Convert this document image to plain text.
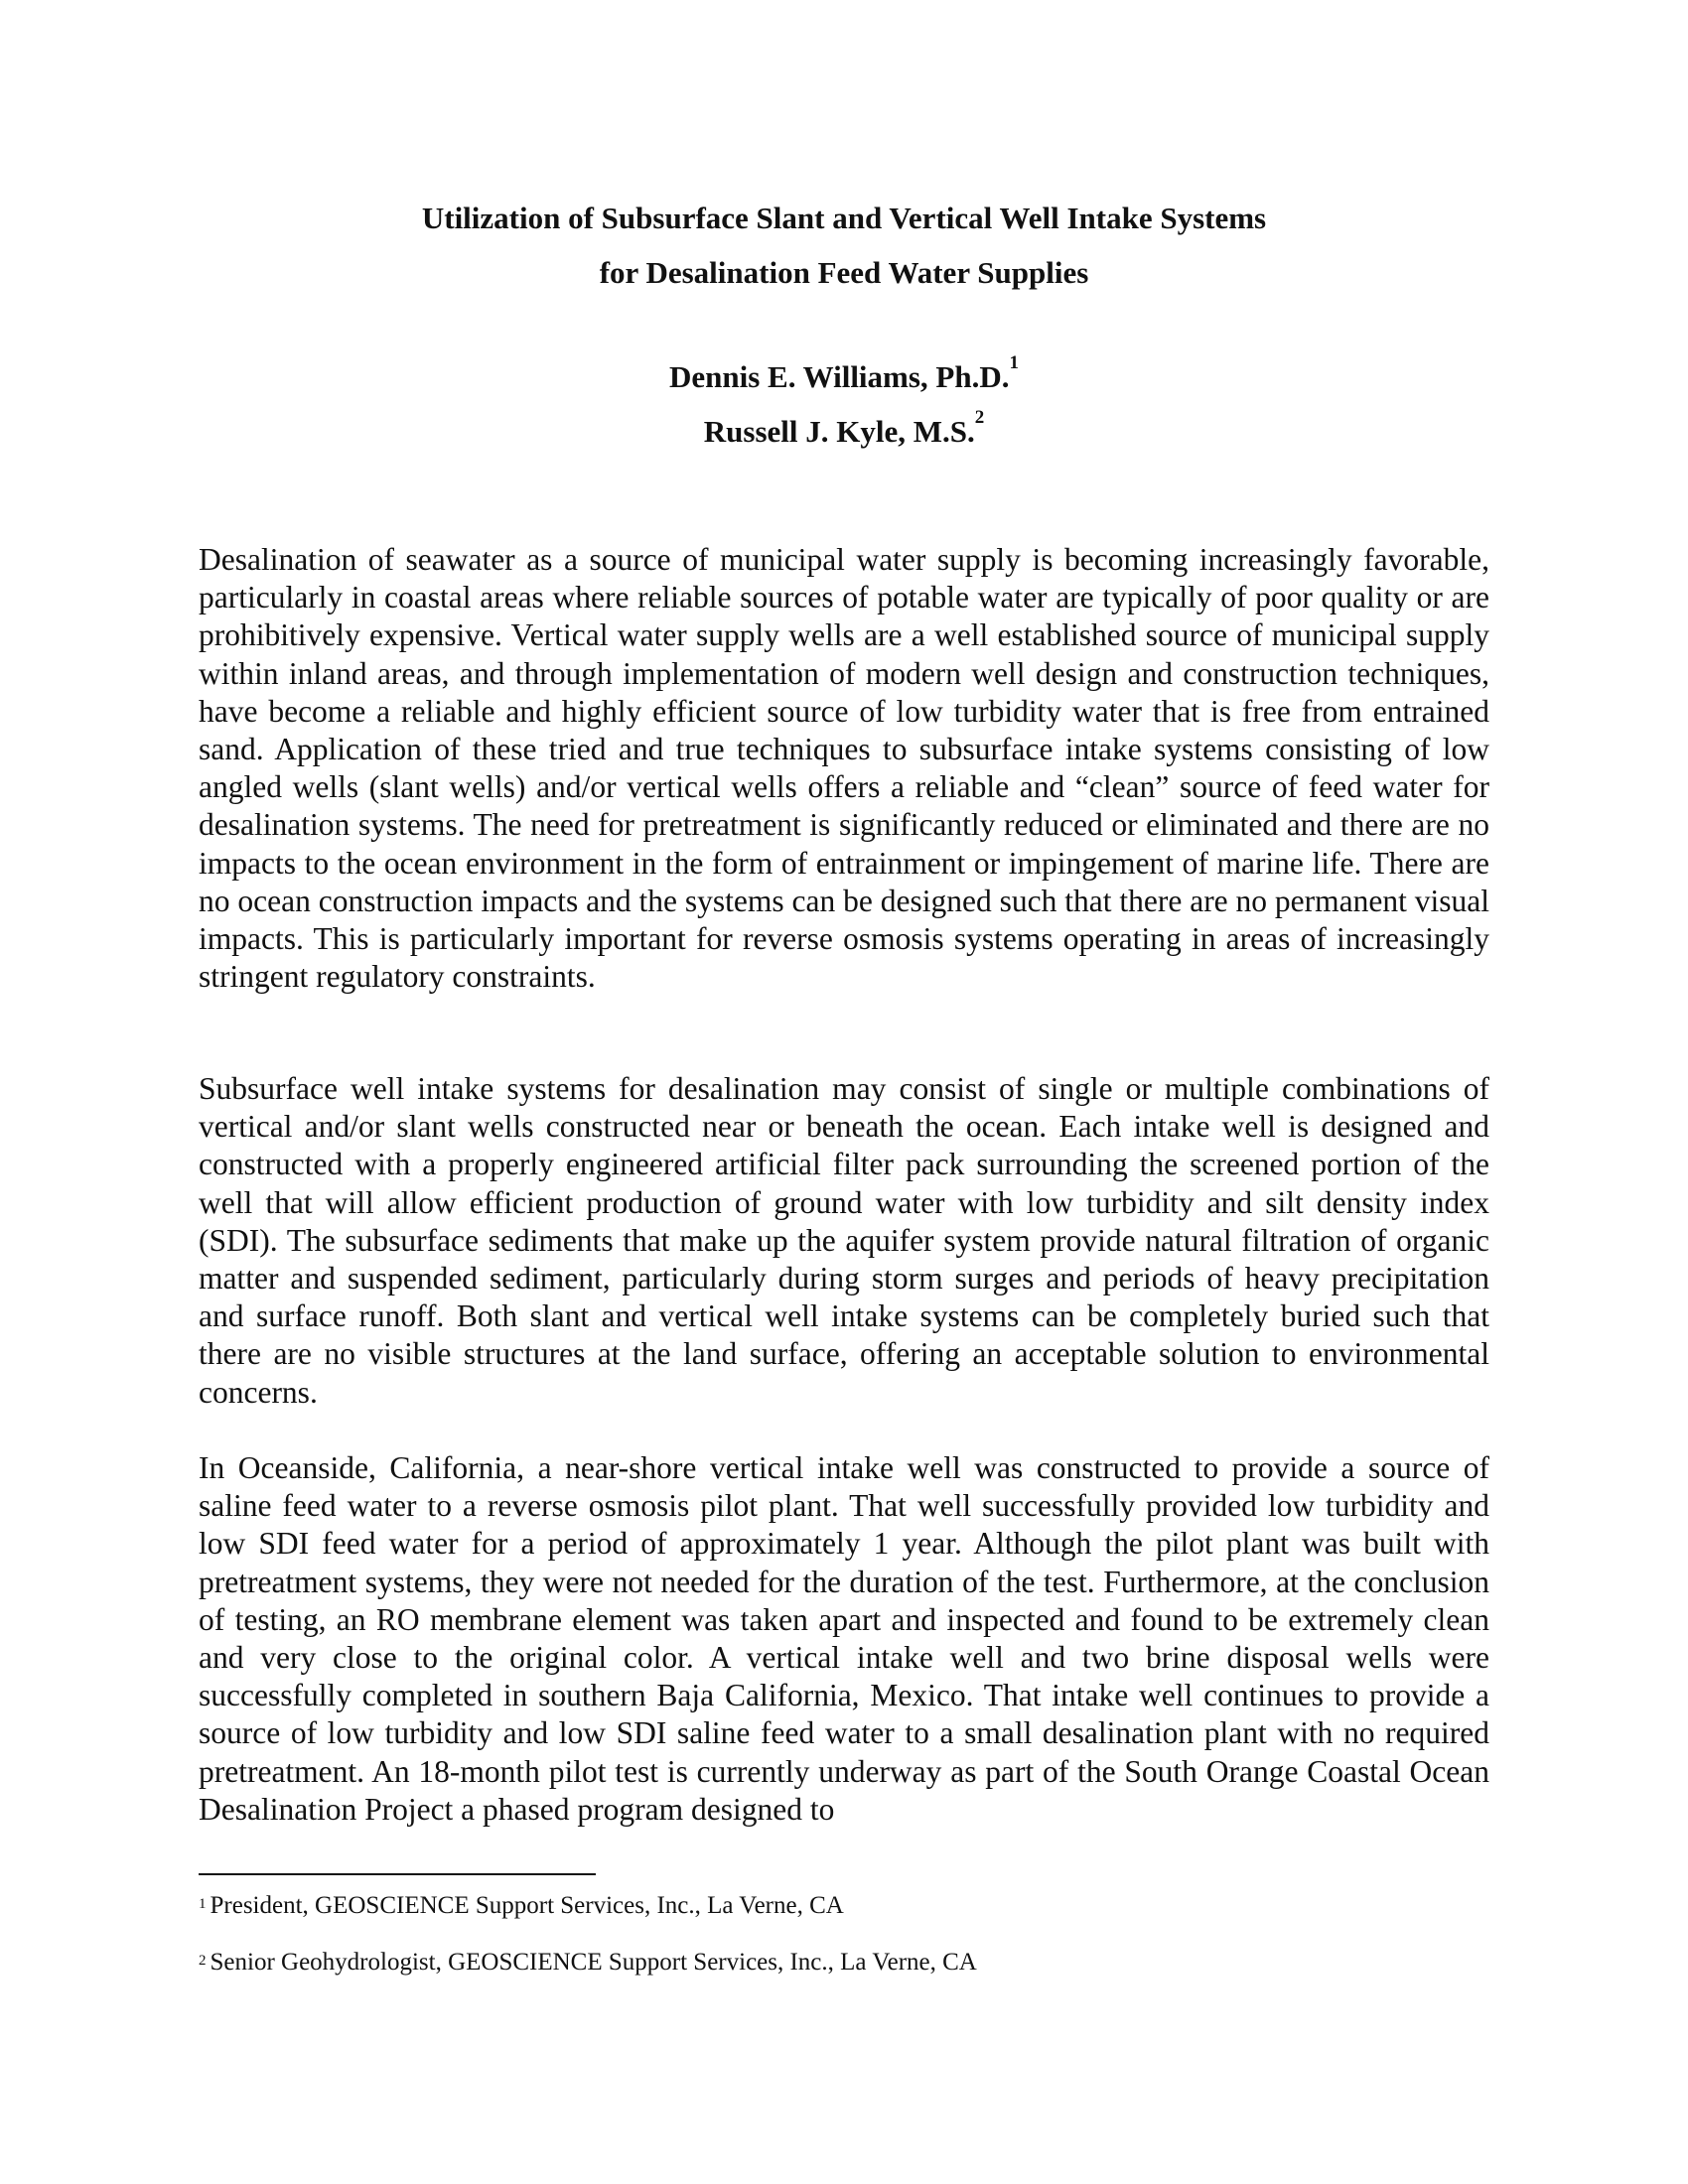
Utilization of Subsurface Slant and Vertical Well Intake Systems
for Desalination Feed Water Supplies
Dennis E. Williams, Ph.D.$^1$
Russell J. Kyle, M.S.$^2$

Desalination of seawater as a source of municipal water supply is becoming increasingly favorable, particularly in coastal areas where reliable sources of potable water are typically of poor quality or are prohibitively expensive. Vertical water supply wells are a well established source of municipal supply within inland areas, and through implementation of modern well design and construction techniques, have become a reliable and highly efficient source of low turbidity water that is free from entrained sand. Application of these tried and true techniques to subsurface intake systems consisting of low angled wells (slant wells) and/or vertical wells offers a reliable and “clean” source of feed water for desalination systems. The need for pretreatment is significantly reduced or eliminated and there are no impacts to the ocean environment in the form of entrainment or impingement of marine life. There are no ocean construction impacts and the systems can be designed such that there are no permanent visual impacts. This is particularly important for reverse osmosis systems operating in areas of increasingly stringent regulatory constraints.

Subsurface well intake systems for desalination may consist of single or multiple combinations of vertical and/or slant wells constructed near or beneath the ocean. Each intake well is designed and constructed with a properly engineered artificial filter pack surrounding the screened portion of the well that will allow efficient production of ground water with low turbidity and silt density index (SDI). The subsurface sediments that make up the aquifer system provide natural filtration of organic matter and suspended sediment, particularly during storm surges and periods of heavy precipitation and surface runoff. Both slant and vertical well intake systems can be completely buried such that there are no visible structures at the land surface, offering an acceptable solution to environmental concerns.

In Oceanside, California, a near-shore vertical intake well was constructed to provide a source of saline feed water to a reverse osmosis pilot plant. That well successfully provided low turbidity and low SDI feed water for a period of approximately 1 year. Although the pilot plant was built with pretreatment systems, they were not needed for the duration of the test. Furthermore, at the conclusion of testing, an RO membrane element was taken apart and inspected and found to be extremely clean and very close to the original color. A vertical intake well and two brine disposal wells were successfully completed in southern Baja California, Mexico. That intake well continues to provide a source of low turbidity and low SDI saline feed water to a small desalination plant with no required pretreatment. An 18-month pilot test is currently underway as part of the South Orange Coastal Ocean Desalination Project a phased program designed to

$^1$ President, GEOSCIENCE Support Services, Inc., La Verne, CA
$^2$ Senior Geohydrologist, GEOSCIENCE Support Services, Inc., La Verne, CA
